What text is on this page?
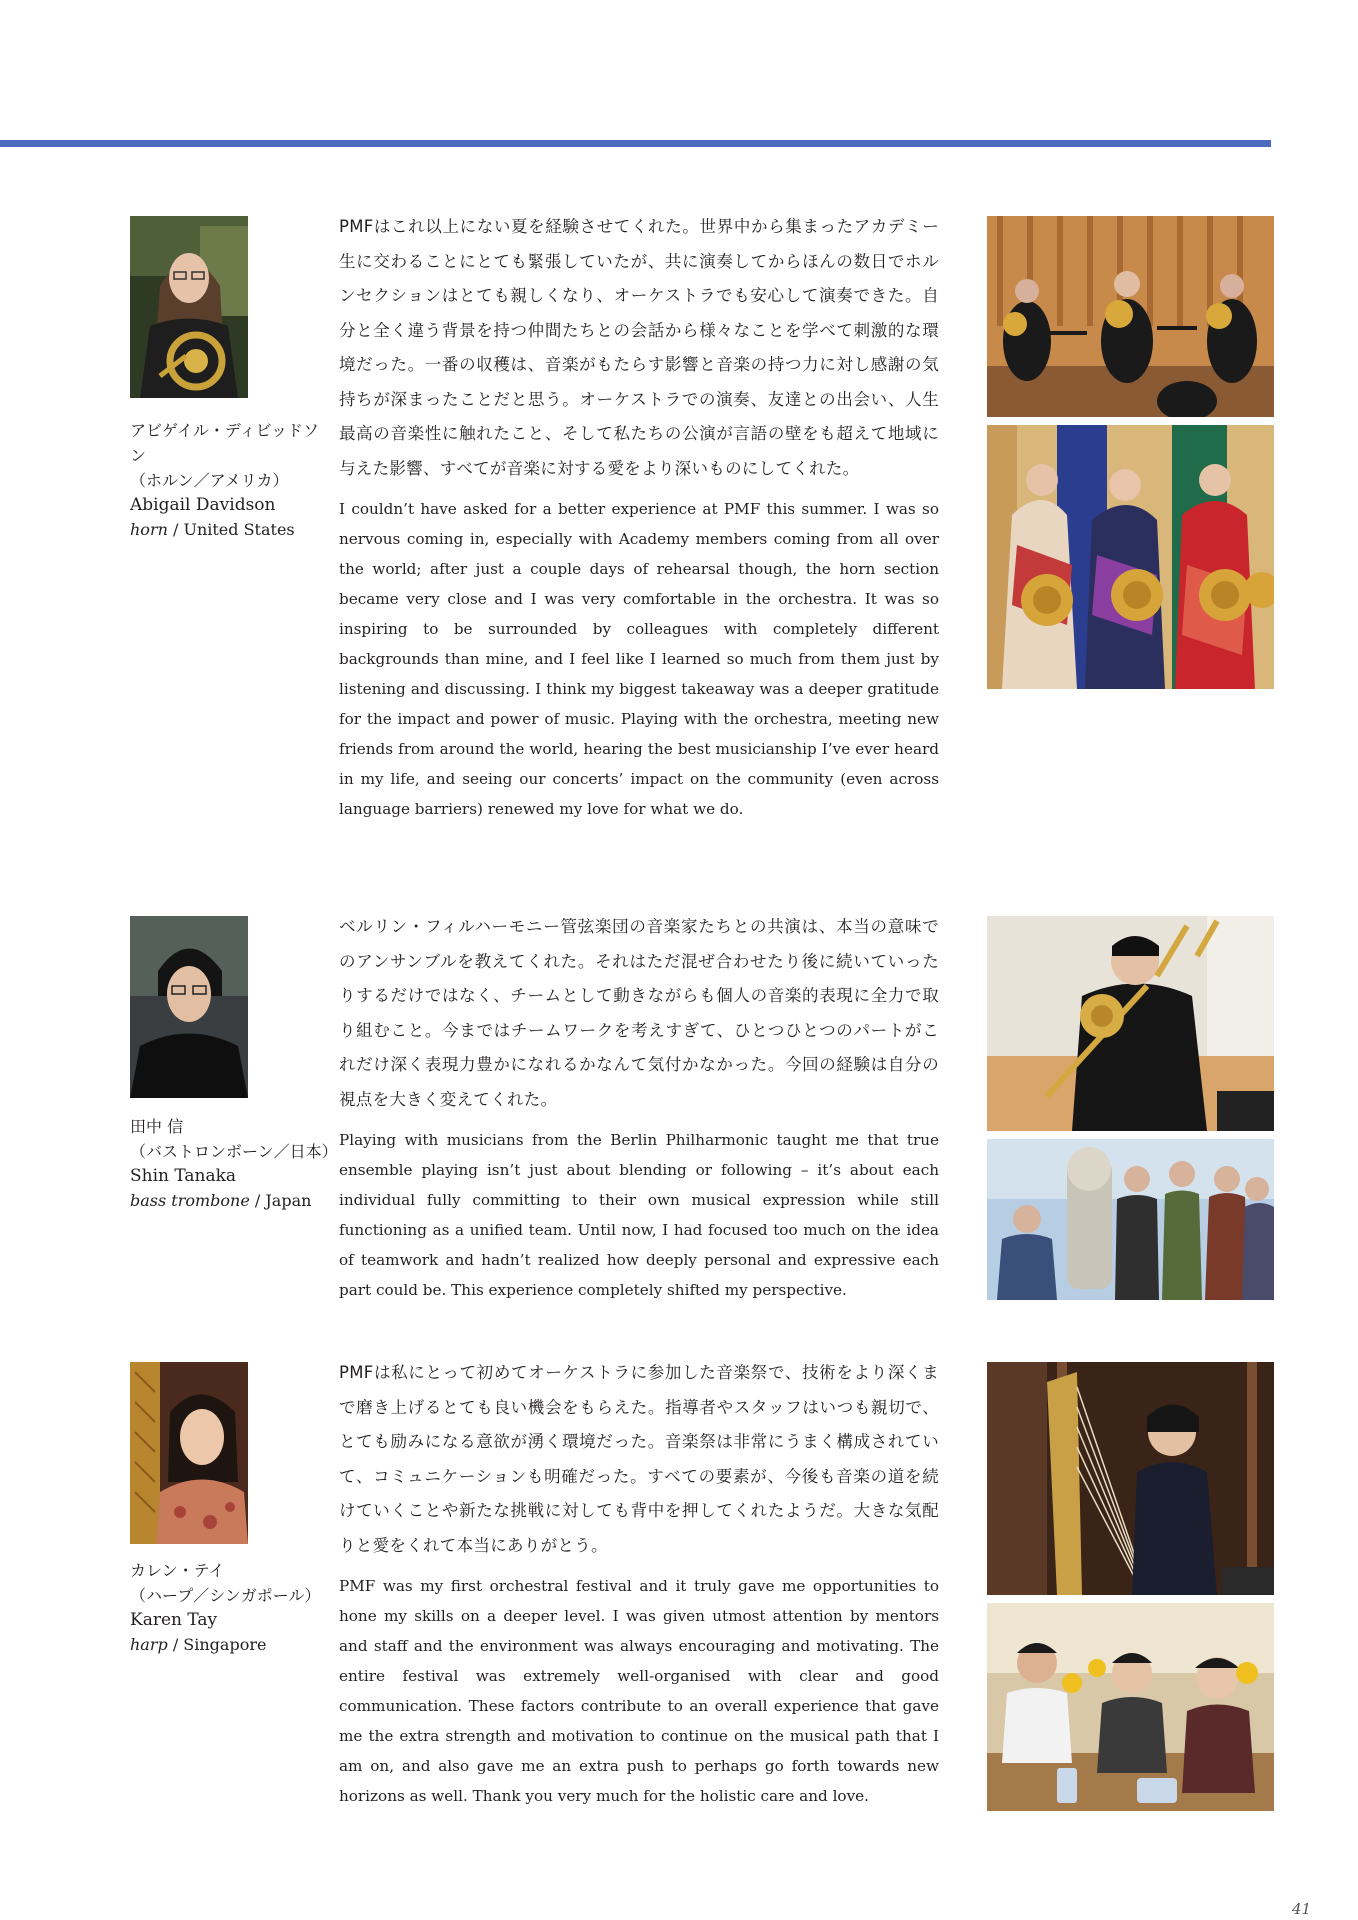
アビゲイル・ディビッドソン
（ホルン／アメリカ）
Abigail Davidson
horn / United States

PMFはこれ以上にない夏を経験させてくれた。世界中から集まったアカデミー生に交わることにとても緊張していたが、共に演奏してからほんの数日でホルンセクションはとても親しくなり、オーケストラでも安心して演奏できた。自分と全く違う背景を持つ仲間たちとの会話から様々なことを学べて刺激的な環境だった。一番の収穫は、音楽がもたらす影響と音楽の持つ力に対し感謝の気持ちが深まったことだと思う。オーケストラでの演奏、友達との出会い、人生最高の音楽性に触れたこと、そして私たちの公演が言語の壁をも超えて地域に与えた影響、すべてが音楽に対する愛をより深いものにしてくれた。

I couldn’t have asked for a better experience at PMF this summer. I was so nervous coming in, especially with Academy members coming from all over the world; after just a couple days of rehearsal though, the horn section became very close and I was very comfortable in the orchestra. It was so inspiring to be surrounded by colleagues with completely different backgrounds than mine, and I feel like I learned so much from them just by listening and discussing. I think my biggest takeaway was a deeper gratitude for the impact and power of music. Playing with the orchestra, meeting new friends from around the world, hearing the best musicianship I’ve ever heard in my life, and seeing our concerts’ impact on the community (even across language barriers) renewed my love for what we do.

田中 信
（バストロンボーン／日本）
Shin Tanaka
bass trombone / Japan

ベルリン・フィルハーモニー管弦楽団の音楽家たちとの共演は、本当の意味でのアンサンブルを教えてくれた。それはただ混ぜ合わせたり後に続いていったりするだけではなく、チームとして動きながらも個人の音楽的表現に全力で取り組むこと。今まではチームワークを考えすぎて、ひとつひとつのパートがこれだけ深く表現力豊かになれるかなんて気付かなかった。今回の経験は自分の視点を大きく変えてくれた。

Playing with musicians from the Berlin Philharmonic taught me that true ensemble playing isn’t just about blending or following – it’s about each individual fully committing to their own musical expression while still functioning as a unified team. Until now, I had focused too much on the idea of teamwork and hadn’t realized how deeply personal and expressive each part could be. This experience completely shifted my perspective.

カレン・テイ
（ハープ／シンガポール）
Karen Tay
harp / Singapore

PMFは私にとって初めてオーケストラに参加した音楽祭で、技術をより深くまで磨き上げるとても良い機会をもらえた。指導者やスタッフはいつも親切で、とても励みになる意欲が湧く環境だった。音楽祭は非常にうまく構成されていて、コミュニケーションも明確だった。すべての要素が、今後も音楽の道を続けていくことや新たな挑戦に対しても背中を押してくれたようだ。大きな気配りと愛をくれて本当にありがとう。

PMF was my first orchestral festival and it truly gave me opportunities to hone my skills on a deeper level. I was given utmost attention by mentors and staff and the environment was always encouraging and motivating. The entire festival was extremely well-organised with clear and good communication. These factors contribute to an overall experience that gave me the extra strength and motivation to continue on the musical path that I am on, and also gave me an extra push to perhaps go forth towards new horizons as well. Thank you very much for the holistic care and love.

41
